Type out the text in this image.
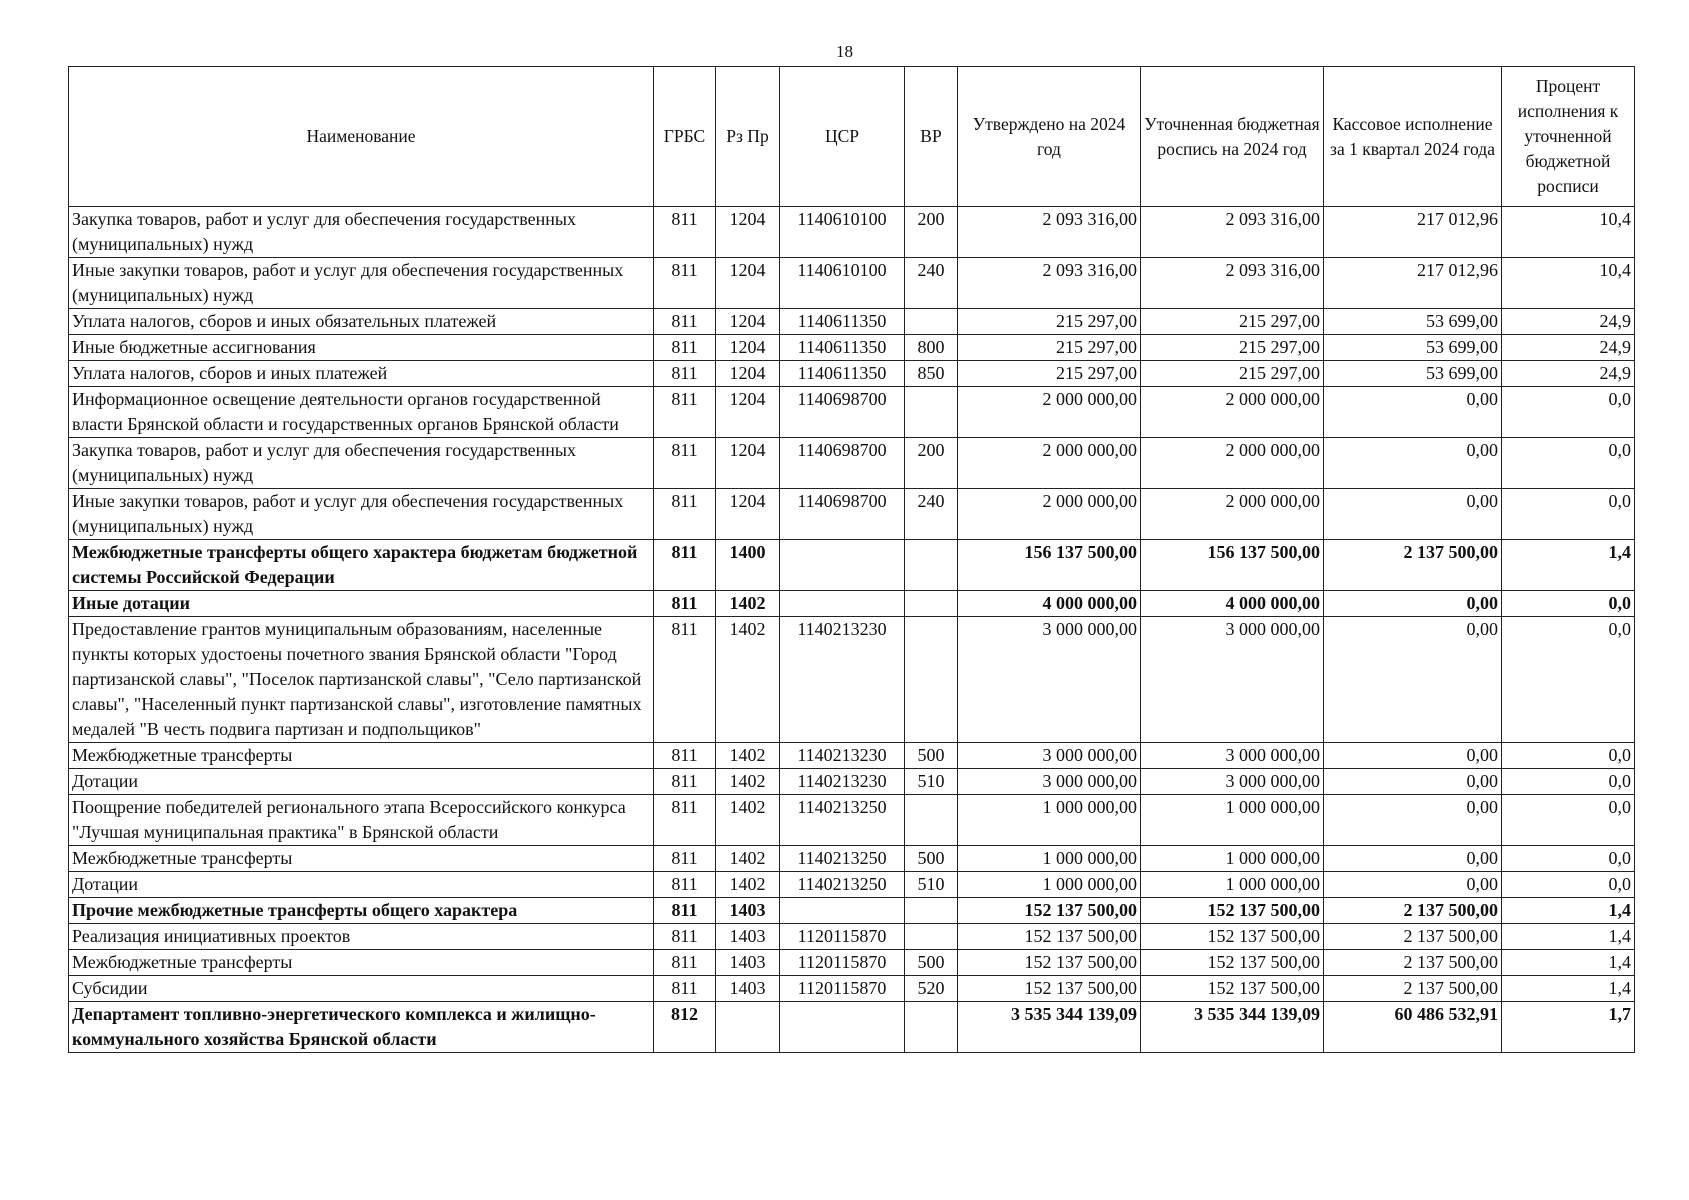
18
Наименование	ГРБС	Рз Пр	ЦСР	ВР	Утверждено на 2024 год	Уточненная бюджетная роспись на 2024 год	Кассовое исполнение за 1 квартал 2024 года	Процент исполнения к уточненной бюджетной росписи
Закупка товаров, работ и услуг для обеспечения государственных (муниципальных) нужд	811	1204	1140610100	200	2 093 316,00	2 093 316,00	217 012,96	10,4
Иные закупки товаров, работ и услуг для обеспечения государственных (муниципальных) нужд	811	1204	1140610100	240	2 093 316,00	2 093 316,00	217 012,96	10,4
Уплата налогов, сборов и иных обязательных платежей	811	1204	1140611350		215 297,00	215 297,00	53 699,00	24,9
Иные бюджетные ассигнования	811	1204	1140611350	800	215 297,00	215 297,00	53 699,00	24,9
Уплата налогов, сборов и иных платежей	811	1204	1140611350	850	215 297,00	215 297,00	53 699,00	24,9
Информационное освещение деятельности органов государственной власти Брянской области и государственных органов Брянской области	811	1204	1140698700		2 000 000,00	2 000 000,00	0,00	0,0
Закупка товаров, работ и услуг для обеспечения государственных (муниципальных) нужд	811	1204	1140698700	200	2 000 000,00	2 000 000,00	0,00	0,0
Иные закупки товаров, работ и услуг для обеспечения государственных (муниципальных) нужд	811	1204	1140698700	240	2 000 000,00	2 000 000,00	0,00	0,0
Межбюджетные трансферты общего характера бюджетам бюджетной системы Российской Федерации	811	1400			156 137 500,00	156 137 500,00	2 137 500,00	1,4
Иные дотации	811	1402			4 000 000,00	4 000 000,00	0,00	0,0
Предоставление грантов муниципальным образованиям, населенные пункты которых удостоены почетного звания Брянской области "Город партизанской славы", "Поселок партизанской славы", "Село партизанской славы", "Населенный пункт партизанской славы", изготовление памятных медалей "В честь подвига партизан и подпольщиков"	811	1402	1140213230		3 000 000,00	3 000 000,00	0,00	0,0
Межбюджетные трансферты	811	1402	1140213230	500	3 000 000,00	3 000 000,00	0,00	0,0
Дотации	811	1402	1140213230	510	3 000 000,00	3 000 000,00	0,00	0,0
Поощрение победителей регионального этапа Всероссийского конкурса "Лучшая муниципальная практика" в Брянской области	811	1402	1140213250		1 000 000,00	1 000 000,00	0,00	0,0
Межбюджетные трансферты	811	1402	1140213250	500	1 000 000,00	1 000 000,00	0,00	0,0
Дотации	811	1402	1140213250	510	1 000 000,00	1 000 000,00	0,00	0,0
Прочие межбюджетные трансферты общего характера	811	1403			152 137 500,00	152 137 500,00	2 137 500,00	1,4
Реализация инициативных проектов	811	1403	1120115870		152 137 500,00	152 137 500,00	2 137 500,00	1,4
Межбюджетные трансферты	811	1403	1120115870	500	152 137 500,00	152 137 500,00	2 137 500,00	1,4
Субсидии	811	1403	1120115870	520	152 137 500,00	152 137 500,00	2 137 500,00	1,4
Департамент топливно-энергетического комплекса и жилищно-коммунального хозяйства Брянской области	812				3 535 344 139,09	3 535 344 139,09	60 486 532,91	1,7
